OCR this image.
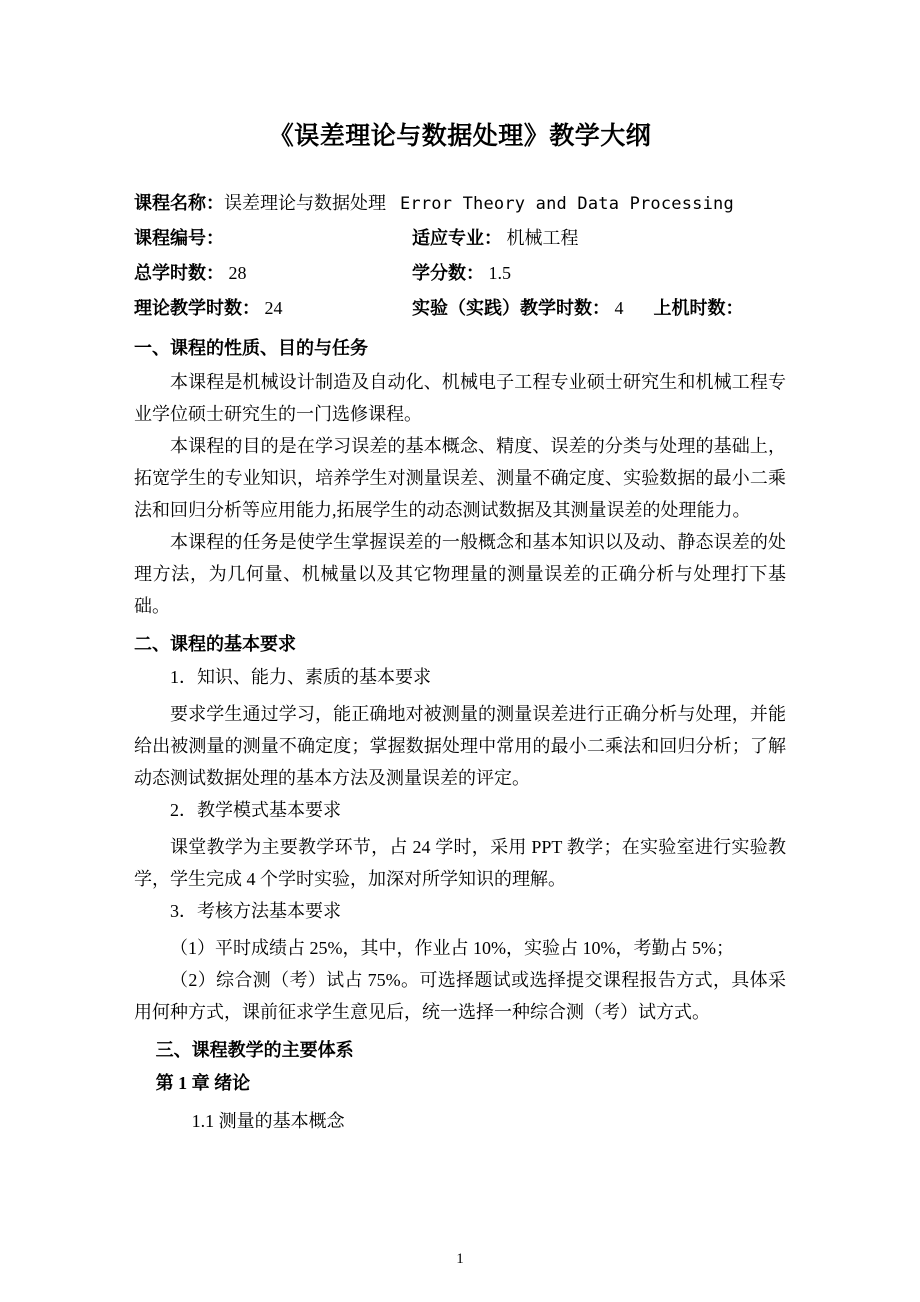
《误差理论与数据处理》教学大纲
课程名称： 误差理论与数据处理 Error Theory and Data Processing
课程编号：	适应专业： 机械工程
总学时数： 28	学分数： 1.5
理论教学时数： 24	实验（实践）教学时数： 4	上机时数：
一、课程的性质、目的与任务

本课程是机械设计制造及自动化、机械电子工程专业硕士研究生和机械工程专业学位硕士研究生的一门选修课程。

本课程的目的是在学习误差的基本概念、精度、误差的分类与处理的基础上，拓宽学生的专业知识，培养学生对测量误差、测量不确定度、实验数据的最小二乘法和回归分析等应用能力,拓展学生的动态测试数据及其测量误差的处理能力。

本课程的任务是使学生掌握误差的一般概念和基本知识以及动、静态误差的处理方法，为几何量、机械量以及其它物理量的测量误差的正确分析与处理打下基础。

二、课程的基本要求

1．知识、能力、素质的基本要求

要求学生通过学习，能正确地对被测量的测量误差进行正确分析与处理，并能给出被测量的测量不确定度；掌握数据处理中常用的最小二乘法和回归分析；了解动态测试数据处理的基本方法及测量误差的评定。

2．教学模式基本要求

课堂教学为主要教学环节，占 24 学时，采用 PPT 教学；在实验室进行实验教学，学生完成 4 个学时实验，加深对所学知识的理解。

3．考核方法基本要求

（1）平时成绩占 25%，其中，作业占 10%，实验占 10%，考勤占 5%；

（2）综合测（考）试占 75%。可选择题试或选择提交课程报告方式，具体采用何种方式，课前征求学生意见后，统一选择一种综合测（考）试方式。

三、课程教学的主要体系

第 1 章 绪论

1.1 测量的基本概念

1
